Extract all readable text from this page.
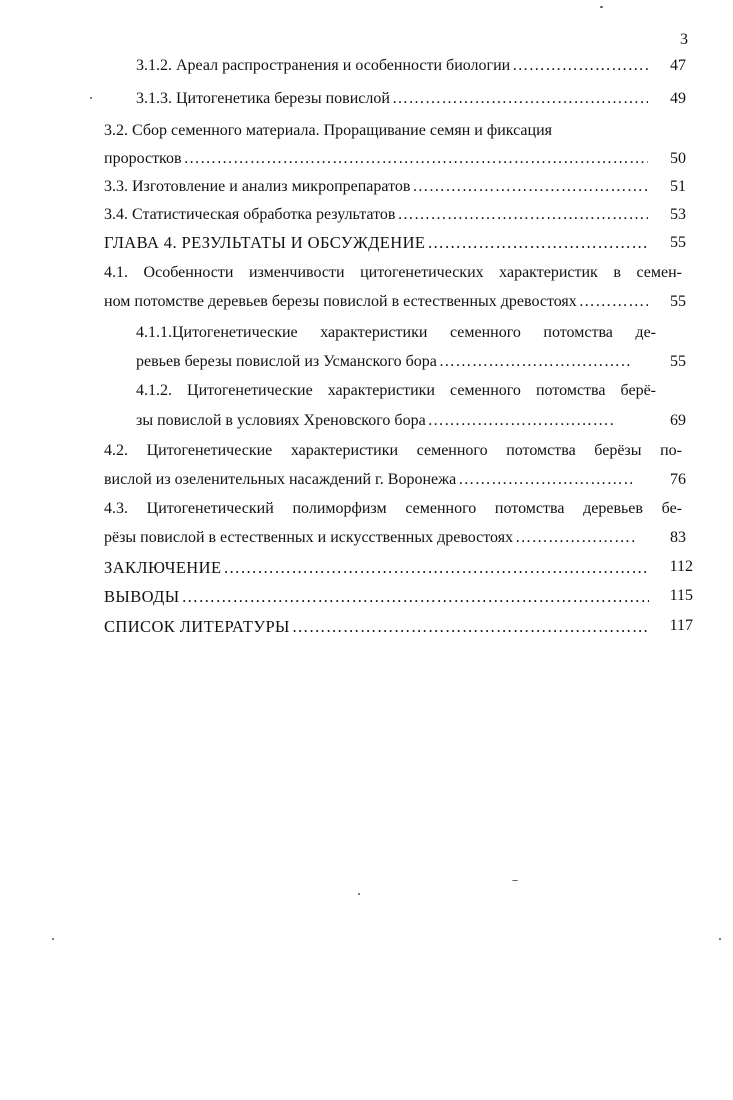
3
3.1.2. Ареал распространения и особенности биологии ……………………………………………………………………………………………………………………………………………………………………………………………………………………………	47
3.1.3. Цитогенетика березы повислой ……………………………………………………………………………………………………………………………………………………………………………………………………………………………	49
3.2. Сбор семенного материала. Проращивание семян и фиксация
проростков ……………………………………………………………………………………………………………………………………………………………………………………………………………………………	50
3.3. Изготовление и анализ микропрепаратов ……………………………………………………………………………………………………………………………………………………………………………………………………………………………	51
3.4. Статистическая обработка результатов ……………………………………………………………………………………………………………………………………………………………………………………………………………………………	53
ГЛАВА 4. РЕЗУЛЬТАТЫ И ОБСУЖДЕНИЕ ……………………………………………………………………………………………………………………………………………………………………………………………………………………………	55
4.1. Особенности изменчивости цитогенетических характеристик в семен-
ном потомстве деревьев березы повислой в естественных древостоях ……………………………………………………………………………………………………………………………………………………………………………………………………………………………	55
4.1.1.Цитогенетические характеристики семенного потомства де-
ревьев березы повислой из Усманского бора ……………………………………………………………………………………………………………………………………………………………………………………………………………………………	55
4.1.2. Цитогенетические характеристики семенного потомства берё-
зы повислой в условиях Хреновского бора ……………………………………………………………………………………………………………………………………………………………………………………………………………………………	69
4.2. Цитогенетические характеристики семенного потомства берёзы по-
вислой из озеленительных насаждений г. Воронежа ……………………………………………………………………………………………………………………………………………………………………………………………………………………………	76
4.3. Цитогенетический полиморфизм семенного потомства деревьев бе-
рёзы повислой в естественных и искусственных древостоях ……………………………………………………………………………………………………………………………………………………………………………………………………………………………	83
ЗАКЛЮЧЕНИЕ ……………………………………………………………………………………………………………………………………………………………………………………………………………………………	112
ВЫВОДЫ ……………………………………………………………………………………………………………………………………………………………………………………………………………………………	115
СПИСОК ЛИТЕРАТУРЫ ……………………………………………………………………………………………………………………………………………………………………………………………………………………………	117
